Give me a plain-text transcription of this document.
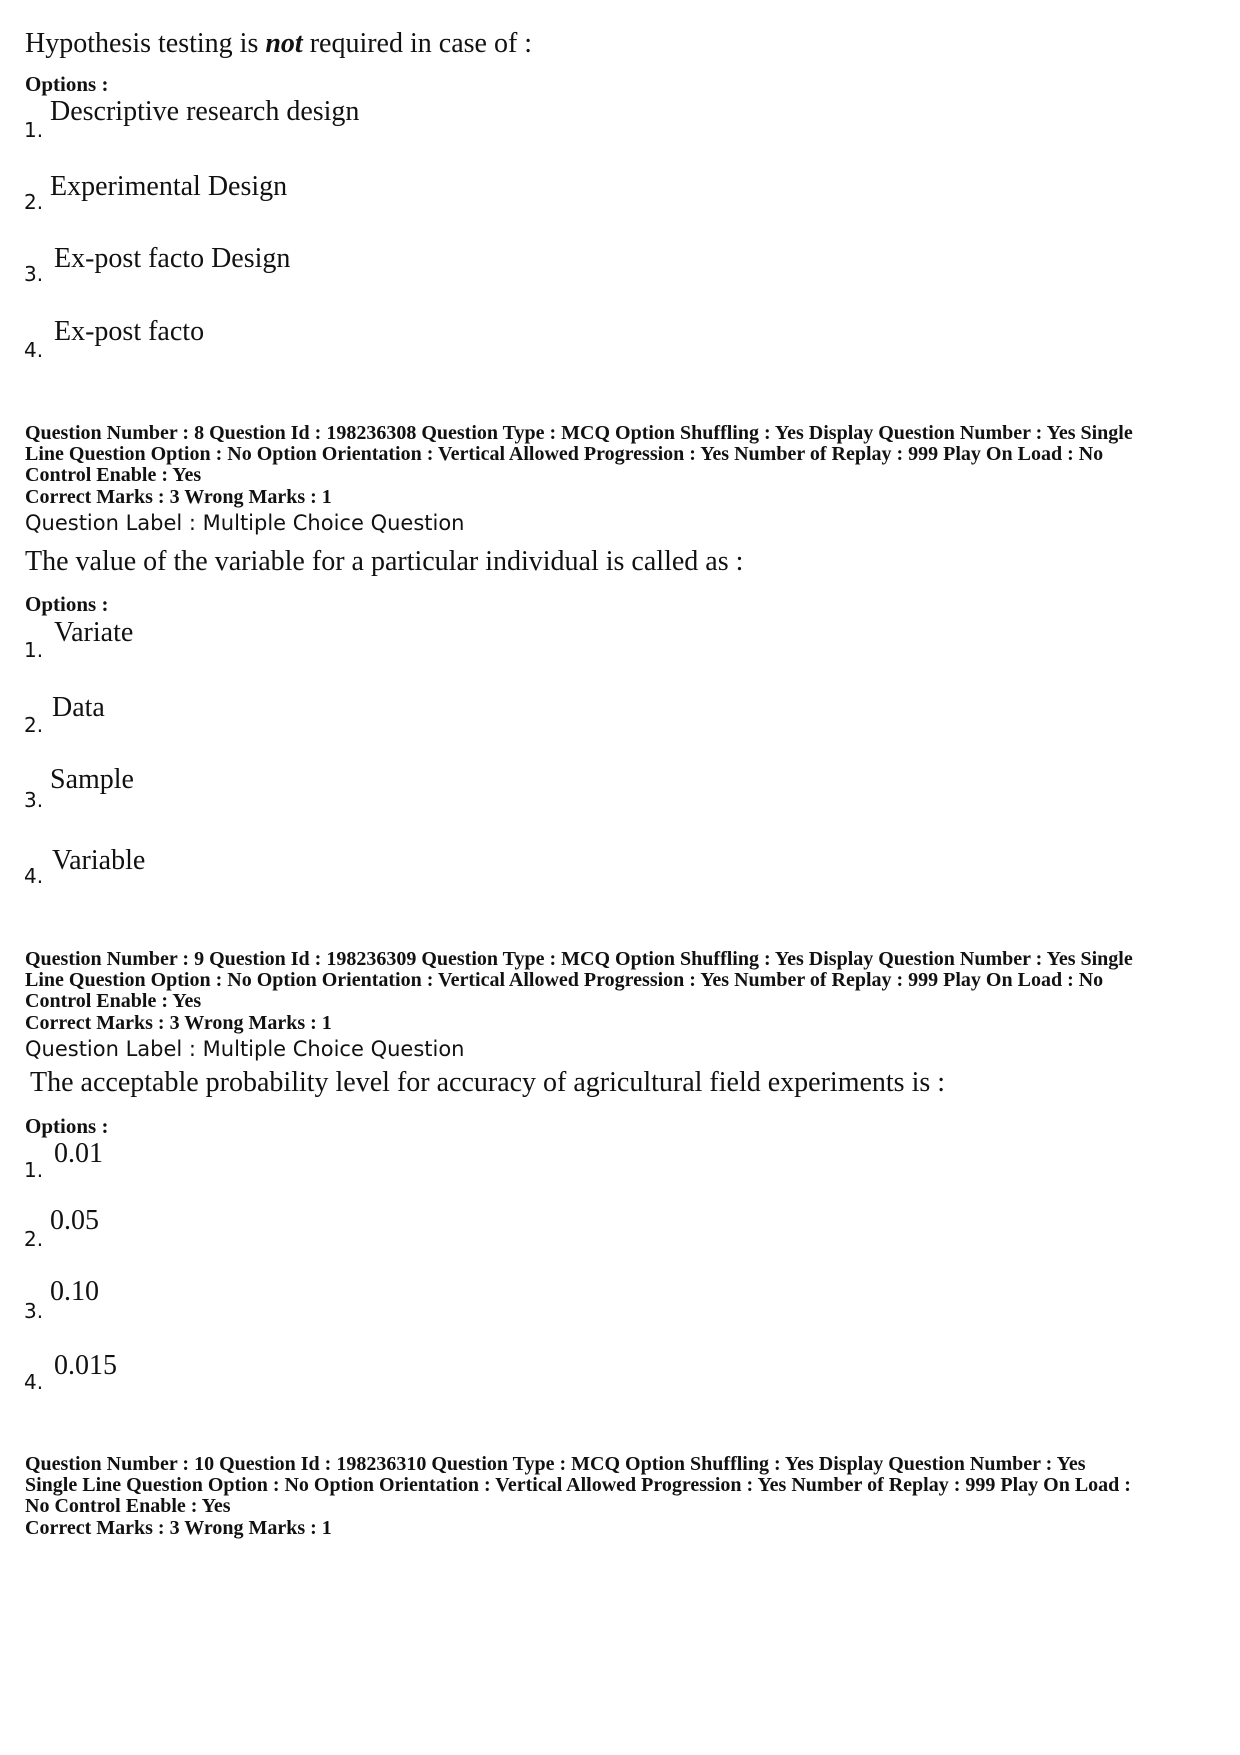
Hypothesis testing is not required in case of :
Options :
1.
Descriptive research design
2. Experimental Design
3. Ex-post facto Design
4.
Ex-post facto
Question Number : 8 Question Id : 198236308 Question Type : MCQ Option Shuffling : Yes Display Question Number : Yes Single
Line Question Option : No Option Orientation : Vertical Allowed Progression : Yes Number of Replay : 999 Play On Load : No
Control Enable : Yes
Correct Marks : 3 Wrong Marks : 1
Question Label : Multiple Choice Question
The value of the variable for a particular individual is called as :
Options :
1.
Variate
2.
Data
3.
Sample
4. Variable
Question Number : 9 Question Id : 198236309 Question Type : MCQ Option Shuffling : Yes Display Question Number : Yes Single
Line Question Option : No Option Orientation : Vertical Allowed Progression : Yes Number of Replay : 999 Play On Load : No
Control Enable : Yes
Correct Marks : 3 Wrong Marks : 1
Question Label : Multiple Choice Question
The acceptable probability level for accuracy of agricultural field experiments is :
Options :
1.
0.01
2.
0.05
3.
0.10
4.
0.015
Question Number : 10 Question Id : 198236310 Question Type : MCQ Option Shuffling : Yes Display Question Number : Yes
Single Line Question Option : No Option Orientation : Vertical Allowed Progression : Yes Number of Replay : 999 Play On Load :
No Control Enable : Yes
Correct Marks : 3 Wrong Marks : 1
